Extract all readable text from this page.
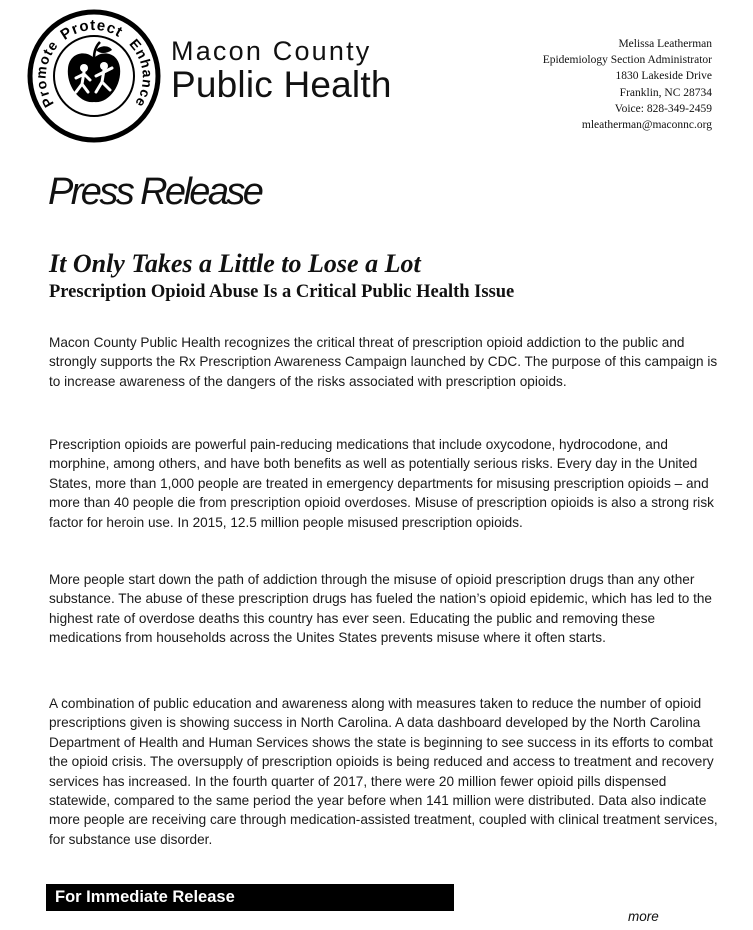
Protect
Enhance
Promote	Macon County
Public Health
Melissa Leatherman
Epidemiology Section Administrator
1830 Lakeside Drive
Franklin, NC 28734
Voice: 828-349-2459
mleatherman@maconnc.org
Press Release
It Only Takes a Little to Lose a Lot
Prescription Opioid Abuse Is a Critical Public Health Issue
Macon County Public Health recognizes the critical threat of prescription opioid addiction to the public and strongly supports the Rx Prescription Awareness Campaign launched by CDC. The purpose of this campaign is to increase awareness of the dangers of the risks associated with prescription opioids.
Prescription opioids are powerful pain-reducing medications that include oxycodone, hydrocodone, and morphine, among others, and have both benefits as well as potentially serious risks. Every day in the United States, more than 1,000 people are treated in emergency departments for misusing prescription opioids – and more than 40 people die from prescription opioid overdoses. Misuse of prescription opioids is also a strong risk factor for heroin use. In 2015, 12.5 million people misused prescription opioids.
More people start down the path of addiction through the misuse of opioid prescription drugs than any other substance. The abuse of these prescription drugs has fueled the nation’s opioid epidemic, which has led to the highest rate of overdose deaths this country has ever seen. Educating the public and removing these medications from households across the Unites States prevents misuse where it often starts.
A combination of public education and awareness along with measures taken to reduce the number of opioid prescriptions given is showing success in North Carolina. A data dashboard developed by the North Carolina Department of Health and Human Services shows the state is beginning to see success in its efforts to combat the opioid crisis. The oversupply of prescription opioids is being reduced and access to treatment and recovery services has increased. In the fourth quarter of 2017, there were 20 million fewer opioid pills dispensed statewide, compared to the same period the year before when 141 million were distributed. Data also indicate more people are receiving care through medication-assisted treatment, coupled with clinical treatment services, for substance use disorder.
For Immediate Release
more
